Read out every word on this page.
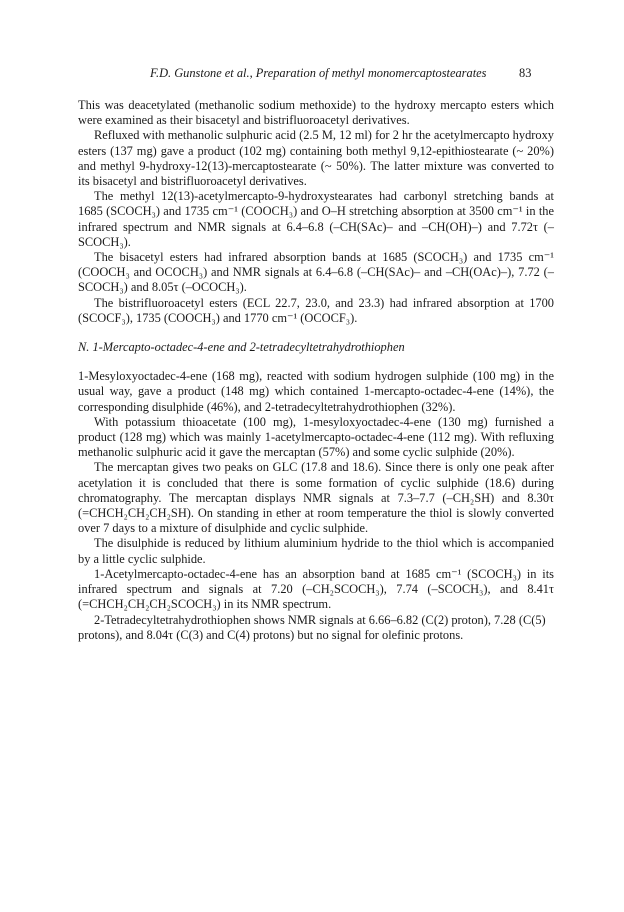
F.D. Gunstone et al., Preparation of methyl monomercaptostearates	83

This was deacetylated (methanolic sodium methoxide) to the hydroxy mercapto esters which were examined as their bisacetyl and bistrifluoroacetyl derivatives.

Refluxed with methanolic sulphuric acid (2.5 M, 12 ml) for 2 hr the acetylmercapto hydroxy esters (137 mg) gave a product (102 mg) containing both methyl 9,12-epithiostearate (~ 20%) and methyl 9-hydroxy-12(13)-mercaptostearate (~ 50%). The latter mixture was converted to its bisacetyl and bistrifluoroacetyl derivatives.

The methyl 12(13)-acetylmercapto-9-hydroxystearates had carbonyl stretching bands at 1685 (SCOCH₃) and 1735 cm⁻¹ (COOCH₃) and O–H stretching absorption at 3500 cm⁻¹ in the infrared spectrum and NMR signals at 6.4–6.8 (–CH(SAc)– and –CH(OH)–) and 7.72τ (–SCOCH₃).

The bisacetyl esters had infrared absorption bands at 1685 (SCOCH₃) and 1735 cm⁻¹ (COOCH₃ and OCOCH₃) and NMR signals at 6.4–6.8 (–CH(SAc)– and –CH(OAc)–), 7.72 (–SCOCH₃) and 8.05τ (–OCOCH₃).

The bistrifluoroacetyl esters (ECL 22.7, 23.0, and 23.3) had infrared absorption at 1700 (SCOCF₃), 1735 (COOCH₃) and 1770 cm⁻¹ (OCOCF₃).

N. 1-Mercapto-octadec-4-ene and 2-tetradecyltetrahydrothiophen

1-Mesyloxyoctadec-4-ene (168 mg), reacted with sodium hydrogen sulphide (100 mg) in the usual way, gave a product (148 mg) which contained 1-mercapto-octadec-4-ene (14%), the corresponding disulphide (46%), and 2-tetradecyltetrahydrothiophen (32%).

With potassium thioacetate (100 mg), 1-mesyloxyoctadec-4-ene (130 mg) furnished a product (128 mg) which was mainly 1-acetylmercapto-octadec-4-ene (112 mg). With refluxing methanolic sulphuric acid it gave the mercaptan (57%) and some cyclic sulphide (20%).

The mercaptan gives two peaks on GLC (17.8 and 18.6). Since there is only one peak after acetylation it is concluded that there is some formation of cyclic sulphide (18.6) during chromatography. The mercaptan displays NMR signals at 7.3–7.7 (–CH₂SH) and 8.30τ (=CHCH₂CH₂CH₂SH). On standing in ether at room temperature the thiol is slowly converted over 7 days to a mixture of disulphide and cyclic sulphide.

The disulphide is reduced by lithium aluminium hydride to the thiol which is accompanied by a little cyclic sulphide.

1-Acetylmercapto-octadec-4-ene has an absorption band at 1685 cm⁻¹ (SCOCH₃) in its infrared spectrum and signals at 7.20 (–CH₂SCOCH₃), 7.74 (–SCOCH₃), and 8.41τ (=CHCH₂CH₂CH₂SCOCH₃) in its NMR spectrum.

2-Tetradecyltetrahydrothiophen shows NMR signals at 6.66–6.82 (C(2) proton), 7.28 (C(5) protons), and 8.04τ (C(3) and C(4) protons) but no signal for olefinic protons.
